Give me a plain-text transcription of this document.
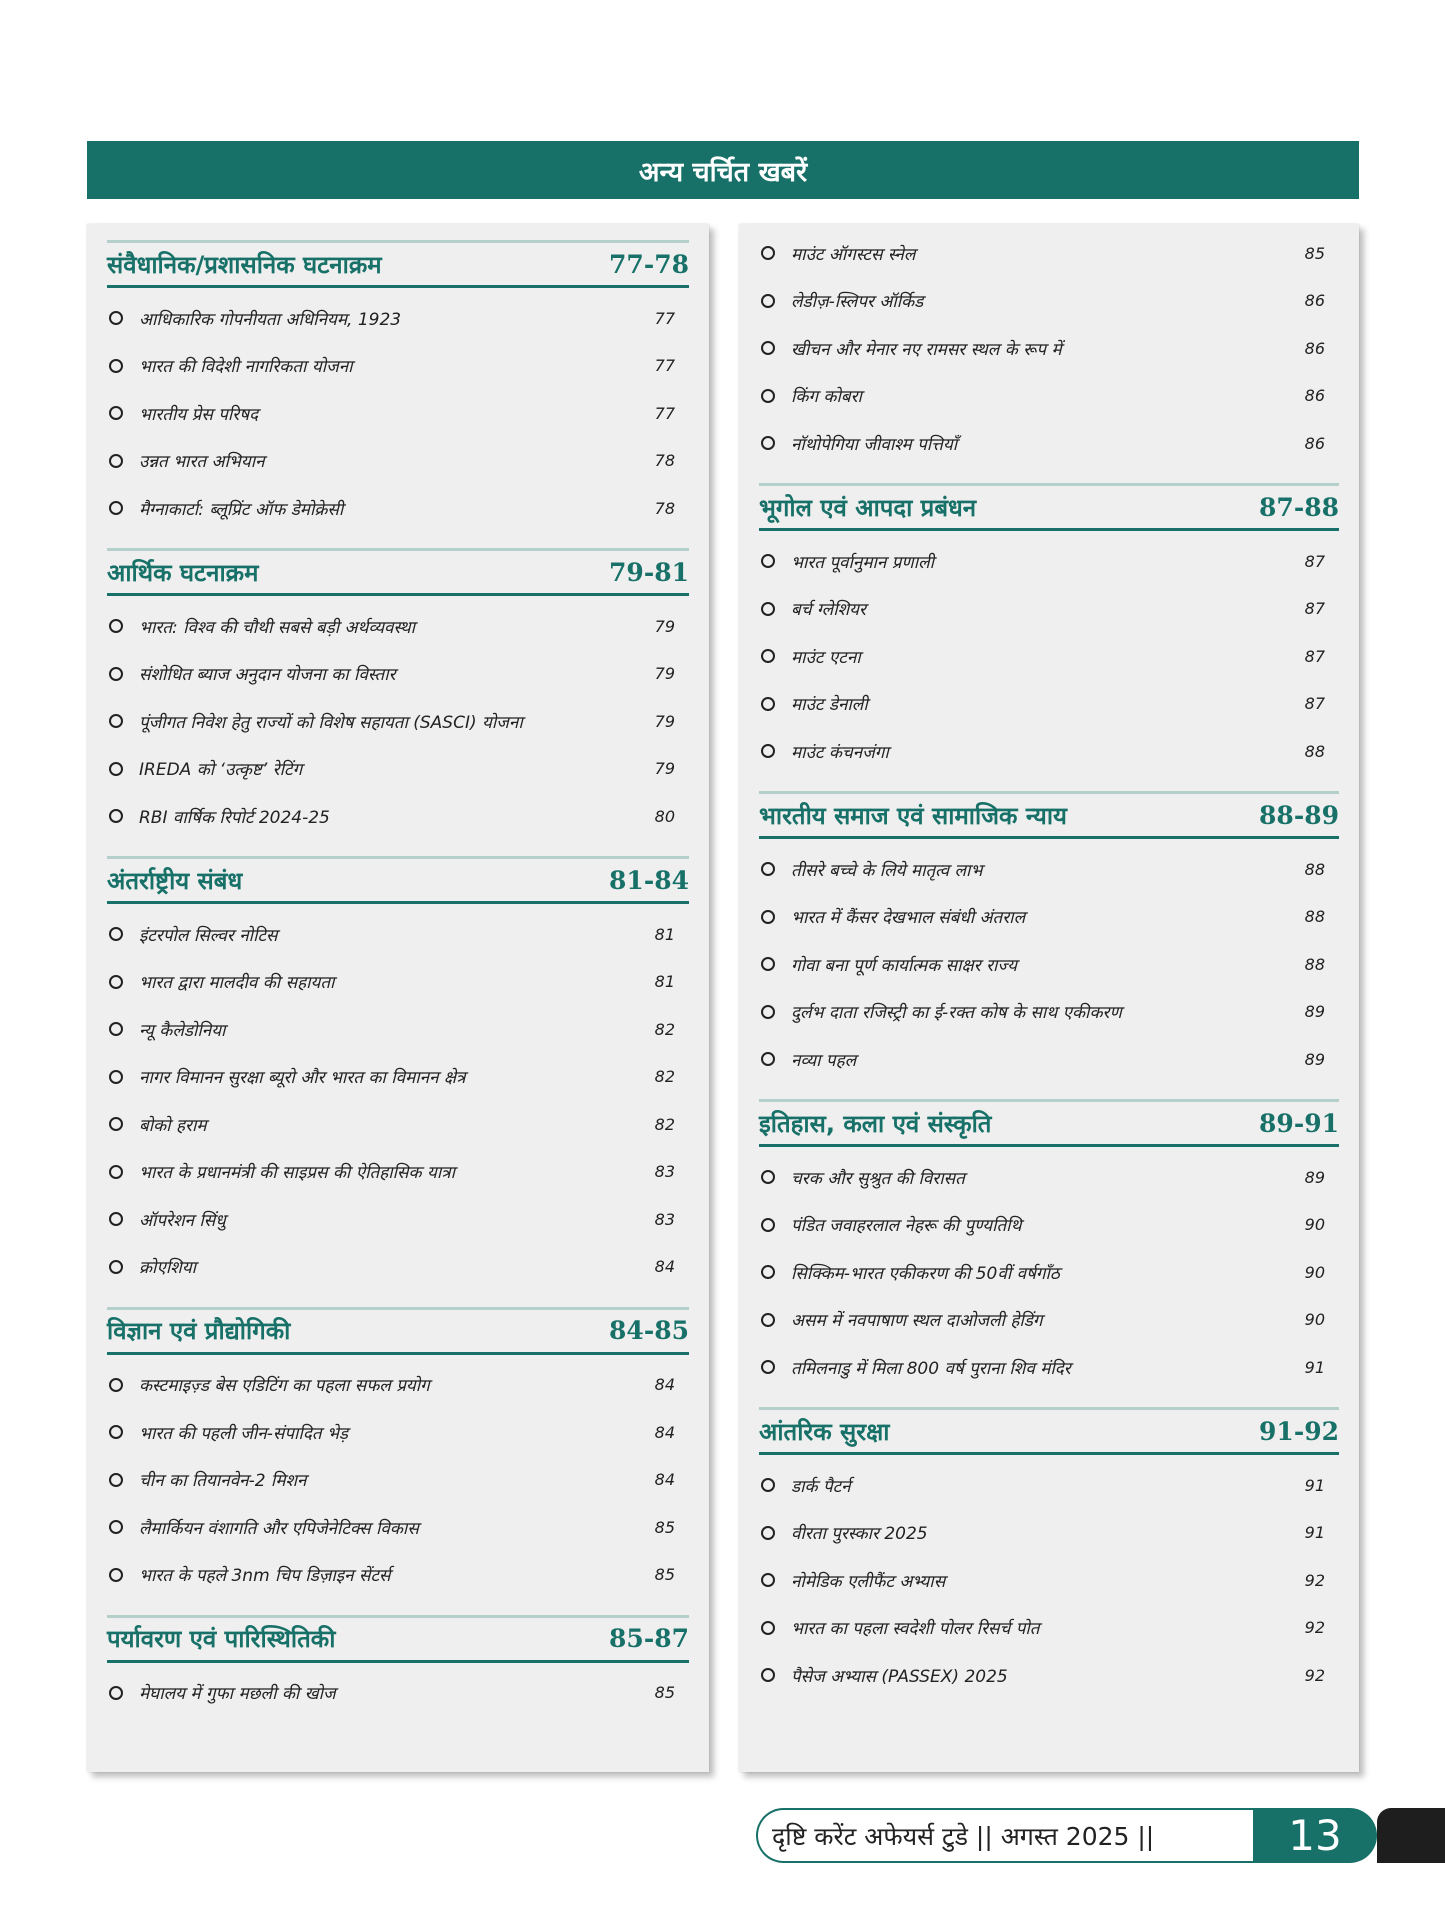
अन्य चर्चित खबरें
संवैधानिक/प्रशासनिक घटनाक्रम	77-78
आधिकारिक गोपनीयता अधिनियम, 1923	77
भारत की विदेशी नागरिकता योजना	77
भारतीय प्रेस परिषद	77
उन्नत भारत अभियान	78
मैग्नाकार्टा: ब्लूप्रिंट ऑफ डेमोक्रेसी	78
आर्थिक घटनाक्रम	79-81
भारत: विश्व की चौथी सबसे बड़ी अर्थव्यवस्था	79
संशोधित ब्याज अनुदान योजना का विस्तार	79
पूंजीगत निवेश हेतु राज्यों को विशेष सहायता (SASCI) योजना	79
IREDA को ‘उत्कृष्ट’ रेटिंग	79
RBI वार्षिक रिपोर्ट 2024-25	80
अंतर्राष्ट्रीय संबंध	81-84
इंटरपोल सिल्वर नोटिस	81
भारत द्वारा मालदीव की सहायता	81
न्यू कैलेडोनिया	82
नागर विमानन सुरक्षा ब्यूरो और भारत का विमानन क्षेत्र	82
बोको हराम	82
भारत के प्रधानमंत्री की साइप्रस की ऐतिहासिक यात्रा	83
ऑपरेशन सिंधु	83
क्रोएशिया	84
विज्ञान एवं प्रौद्योगिकी	84-85
कस्टमाइज़्ड बेस एडिटिंग का पहला सफल प्रयोग	84
भारत की पहली जीन-संपादित भेड़	84
चीन का तियानवेन-2 मिशन	84
लैमार्कियन वंशागति और एपिजेनेटिक्स विकास	85
भारत के पहले 3nm चिप डिज़ाइन सेंटर्स	85
पर्यावरण एवं पारिस्थितिकी	85-87
मेघालय में गुफा मछली की खोज	85
माउंट ऑगस्टस स्नेल	85
लेडीज़-स्लिपर ऑर्किड	86
खीचन और मेनार नए रामसर स्थल के रूप में	86
किंग कोबरा	86
नॉथोपेगिया जीवाश्म पत्तियाँ	86
भूगोल एवं आपदा प्रबंधन	87-88
भारत पूर्वानुमान प्रणाली	87
बर्च ग्लेशियर	87
माउंट एटना	87
माउंट डेनाली	87
माउंट कंचनजंगा	88
भारतीय समाज एवं सामाजिक न्याय	88-89
तीसरे बच्चे के लिये मातृत्व लाभ	88
भारत में कैंसर देखभाल संबंधी अंतराल	88
गोवा बना पूर्ण कार्यात्मक साक्षर राज्य	88
दुर्लभ दाता रजिस्ट्री का ई-रक्त कोष के साथ एकीकरण	89
नव्या पहल	89
इतिहास, कला एवं संस्कृति	89-91
चरक और सुश्रुत की विरासत	89
पंडित जवाहरलाल नेहरू की पुण्यतिथि	90
सिक्किम-भारत एकीकरण की 50वीं वर्षगाँठ	90
असम में नवपाषाण स्थल दाओजली हेडिंग	90
तमिलनाडु में मिला 800 वर्ष पुराना शिव मंदिर	91
आंतरिक सुरक्षा	91-92
डार्क पैटर्न	91
वीरता पुरस्कार 2025	91
नोमेडिक एलीफैंट अभ्यास	92
भारत का पहला स्वदेशी पोलर रिसर्च पोत	92
पैसेज अभ्यास (PASSEX) 2025	92
दृष्टि करेंट अफेयर्स टुडे || अगस्त 2025 ||	13
